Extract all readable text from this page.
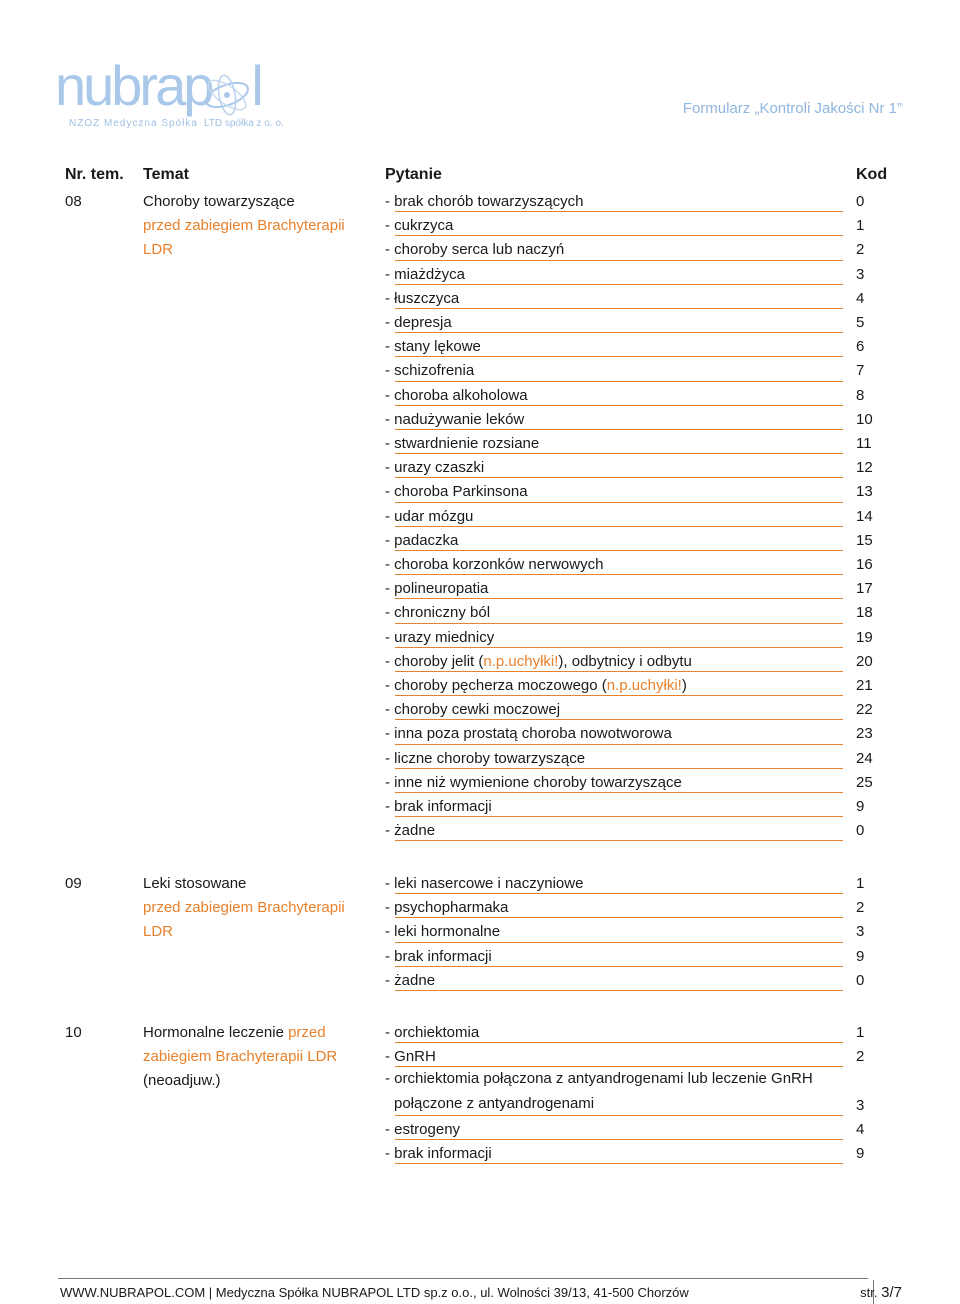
nubrap l
NZOZ Medyczna Spółka LTD spółka z o. o.
Formularz „Kontroli Jakości Nr 1”
Nr. tem. Temat	Pytanie	Kod
08	Choroby towarzyszące
przed zabiegiem Brachyterapii LDR
- brak chorób towarzyszących	0
- cukrzyca	1
- choroby serca lub naczyń	2
- miażdżyca	3
- łuszczyca	4
- depresja	5
- stany lękowe	6
- schizofrenia	7
- choroba alkoholowa	8
- nadużywanie leków	10
- stwardnienie rozsiane	11
- urazy czaszki	12
- choroba Parkinsona	13
- udar mózgu	14
- padaczka	15
- choroba korzonków nerwowych	16
- polineuropatia	17
- chroniczny ból	18
- urazy miednicy	19
- choroby jelit (n.p.uchyłki!), odbytnicy i odbytu	20
- choroby pęcherza moczowego (n.p.uchyłki!)	21
- choroby cewki moczowej	22
- inna poza prostatą choroba nowotworowa	23
- liczne choroby towarzyszące	24
- inne niż wymienione choroby towarzyszące	25
- brak informacji	9
- żadne	0
09	Leki stosowane
przed zabiegiem Brachyterapii LDR
- leki nasercowe i naczyniowe	1
- psychopharmaka	2
- leki hormonalne	3
- brak informacji	9
- żadne	0
10	Hormonalne leczenie przed zabiegiem Brachyterapii LDR
(neoadjuw.)
- orchiektomia	1
- GnRH	2
- orchiektomia połączona z antyandrogenami lub leczenie GnRH
połączone z antyandrogenami	3
- estrogeny	4
- brak informacji	9
WWW.NUBRAPOL.COM | Medyczna Spółka NUBRAPOL LTD sp.z o.o., ul. Wolności 39/13, 41-500 Chorzów	str. 3/7
